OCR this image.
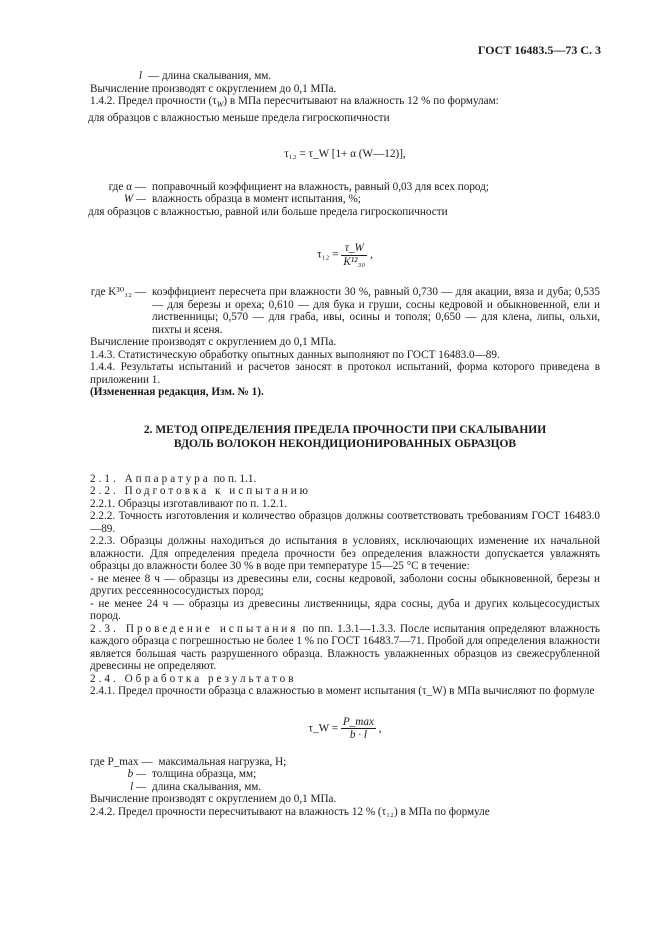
ГОСТ 16483.5—73 С. 3
l — длина скалывания, мм.

Вычисление производят с округлением до 0,1 МПа.

1.4.2. Предел прочности $(\tau_W)$ в МПа пересчитывают на влажность 12 % по формулам:

для образцов с влажностью меньше предела гигроскопичности

τ₁₂ = τ_W [1+ α (W—12)],
где α — поправочный коэффициент на влажность, равный 0,03 для всех пород;
W — влажность образца в момент испытания, %;

для образцов с влажностью, равной или больше предела гигроскопичности

$\tau_{12} = \frac{\tau\_W}{\text{K¹²₃₀}}$ ,
где K³⁰₁₂ — коэффициент пересчета при влажности 30 %, равный 0,730 — для акации, вяза и дуба; 0,535 — для березы и ореха; 0,610 — для бука и груши, сосны кедровой и обыкновенной, ели и лиственницы; 0,570 — для граба, ивы, осины и тополя; 0,650 — для клена, липы, ольхи, пихты и ясеня.

Вычисление производят с округлением до 0,1 МПа.

1.4.3. Статистическую обработку опытных данных выполняют по ГОСТ 16483.0—89.

1.4.4. Результаты испытаний и расчетов заносят в протокол испытаний, форма которого приведена в приложении 1.

(Измененная редакция, Изм. № 1).

2. МЕТОД ОПРЕДЕЛЕНИЯ ПРЕДЕЛА ПРОЧНОСТИ ПРИ СКАЛЫВАНИИ
ВДОЛЬ ВОЛОКОН НЕКОНДИЦИОНИРОВАННЫХ ОБРАЗЦОВ

2.1. Аппаратура по п. 1.1.

2.2. Подготовка к испытанию

2.2.1. Образцы изготавливают по п. 1.2.1.

2.2.2. Точность изготовления и количество образцов должны соответствовать требованиям ГОСТ 16483.0—89.

2.2.3. Образцы должны находиться до испытания в условиях, исключающих изменение их начальной влажности. Для определения предела прочности без определения влажности допускается увлажнять образцы до влажности более 30 % в воде при температуре 15—25 °С в течение:

- не менее 8 ч — образцы из древесины ели, сосны кедровой, заболони сосны обыкновенной, березы и других рессеяннососудистых пород;

- не менее 24 ч — образцы из древесины лиственницы, ядра сосны, дуба и других кольцесосудистых пород.

2.3. Проведение испытания по пп. 1.3.1—1.3.3. После испытания определяют влажность каждого образца с погрешностью не более 1 % по ГОСТ 16483.7—71. Пробой для определения влажности является большая часть разрушенного образца. Влажность увлажненных образцов из свежесрубленной древесины не определяют.

2.4. Обработка результатов

2.4.1. Предел прочности образца с влажностью в момент испытания (τ_W) в МПа вычисляют по формуле

τ_W = $\frac{P\_\max}{b \cdot l}$ ,
где P_max — максимальная нагрузка, Н;
b — толщина образца, мм;
l — длина скалывания, мм.

Вычисление производят с округлением до 0,1 МПа.

2.4.2. Предел прочности пересчитывают на влажность 12 % (τ₁₂) в МПа по формуле
